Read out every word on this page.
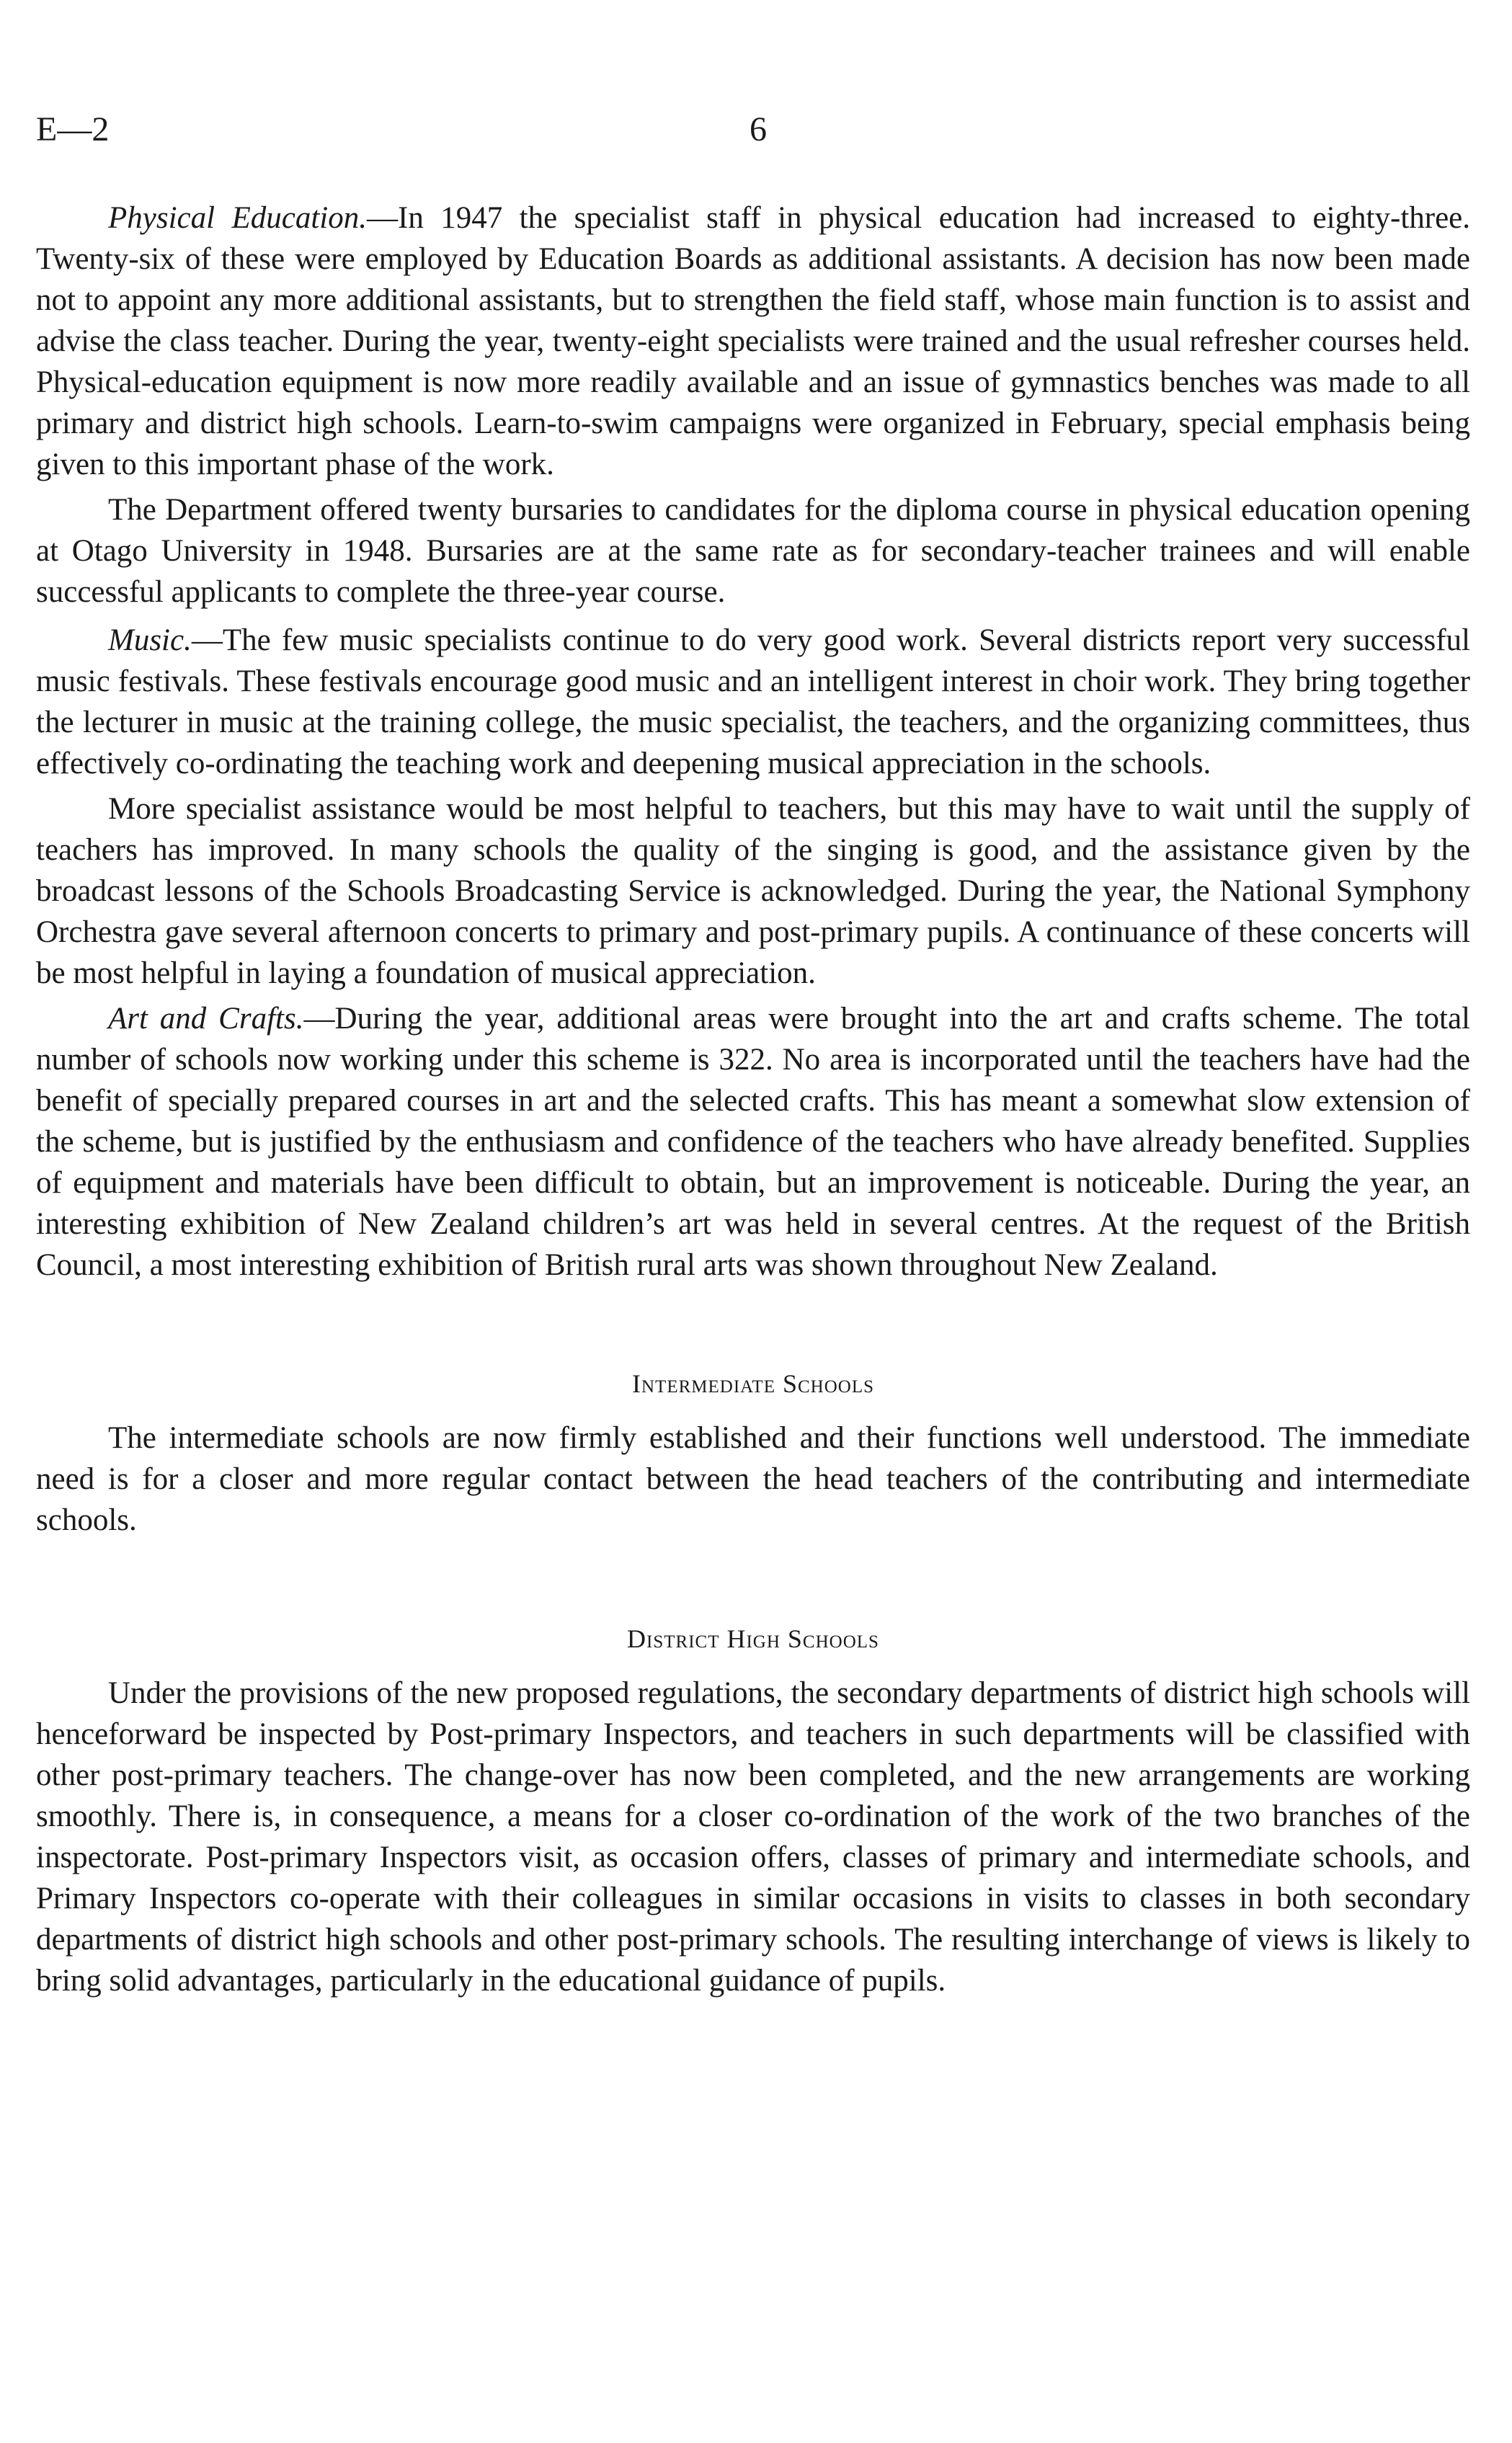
E—2	6

Physical Education.—In 1947 the specialist staff in physical education had increased to eighty-three. Twenty-six of these were employed by Education Boards as additional assistants. A decision has now been made not to appoint any more additional assistants, but to strengthen the field staff, whose main function is to assist and advise the class teacher. During the year, twenty-eight specialists were trained and the usual refresher courses held. Physical-education equipment is now more readily available and an issue of gymnastics benches was made to all primary and district high schools. Learn-to-swim campaigns were organized in February, special emphasis being given to this important phase of the work.

The Department offered twenty bursaries to candidates for the diploma course in physical education opening at Otago University in 1948. Bursaries are at the same rate as for secondary-teacher trainees and will enable successful applicants to complete the three-year course.

Music.—The few music specialists continue to do very good work. Several districts report very successful music festivals. These festivals encourage good music and an intelligent interest in choir work. They bring together the lecturer in music at the training college, the music specialist, the teachers, and the organizing committees, thus effectively co-ordinating the teaching work and deepening musical appreciation in the schools.

More specialist assistance would be most helpful to teachers, but this may have to wait until the supply of teachers has improved. In many schools the quality of the singing is good, and the assistance given by the broadcast lessons of the Schools Broadcasting Service is acknowledged. During the year, the National Symphony Orchestra gave several afternoon concerts to primary and post-primary pupils. A continuance of these concerts will be most helpful in laying a foundation of musical appreciation.

Art and Crafts.—During the year, additional areas were brought into the art and crafts scheme. The total number of schools now working under this scheme is 322. No area is incorporated until the teachers have had the benefit of specially prepared courses in art and the selected crafts. This has meant a somewhat slow extension of the scheme, but is justified by the enthusiasm and confidence of the teachers who have already benefited. Supplies of equipment and materials have been difficult to obtain, but an improvement is noticeable. During the year, an interesting exhibition of New Zealand children’s art was held in several centres. At the request of the British Council, a most interesting exhibition of British rural arts was shown throughout New Zealand.

Intermediate Schools

The intermediate schools are now firmly established and their functions well understood. The immediate need is for a closer and more regular contact between the head teachers of the contributing and intermediate schools.

District High Schools

Under the provisions of the new proposed regulations, the secondary departments of district high schools will henceforward be inspected by Post-primary Inspectors, and teachers in such departments will be classified with other post-primary teachers. The change-over has now been completed, and the new arrangements are working smoothly. There is, in consequence, a means for a closer co-ordination of the work of the two branches of the inspectorate. Post-primary Inspectors visit, as occasion offers, classes of primary and intermediate schools, and Primary Inspectors co-operate with their colleagues in similar occasions in visits to classes in both secondary departments of district high schools and other post-primary schools. The resulting interchange of views is likely to bring solid advantages, particularly in the educational guidance of pupils.
